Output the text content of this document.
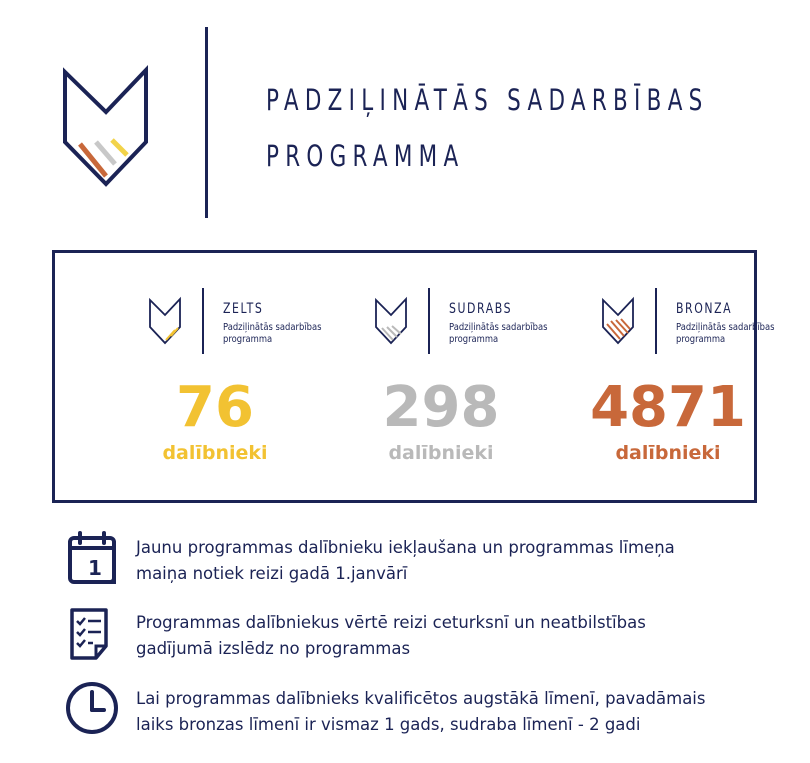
PADZIĻINĀTĀS SADARBĪBAS
PROGRAMMA
ZELTS
Padziļinātās sadarbības
programma
76
dalībnieki
SUDRABS
Padziļinātās sadarbības
programma
298
dalībnieki
BRONZA
Padziļinātās sadarbības
programma
4871
dalībnieki
1
Jaunu programmas dalībnieku iekļaušana un programmas līmeņa
maiņa notiek reizi gadā 1.janvārī
Programmas dalībniekus vērtē reizi ceturksnī un neatbilstības
gadījumā izslēdz no programmas
Lai programmas dalībnieks kvalificētos augstākā līmenī, pavadāmais
laiks bronzas līmenī ir vismaz 1 gads, sudraba līmenī - 2 gadi
